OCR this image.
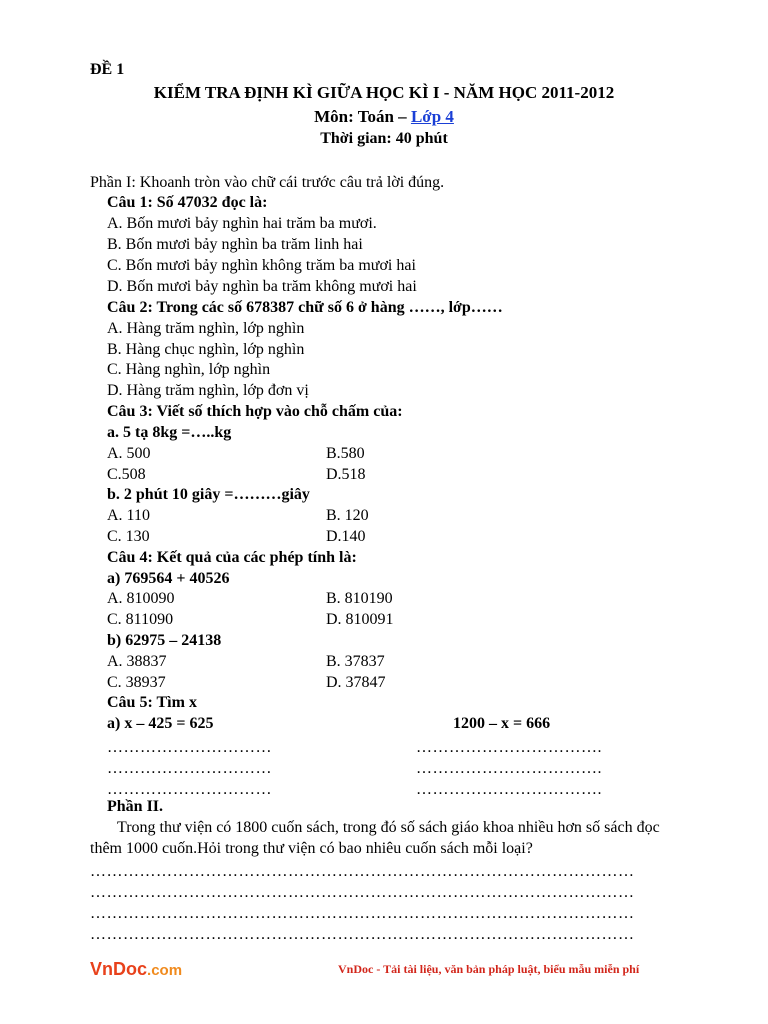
ĐỀ 1
KIỂM TRA ĐỊNH KÌ GIỮA HỌC KÌ I - NĂM HỌC 2011-2012
Môn: Toán – Lớp 4
Thời gian: 40 phút
Phần I: Khoanh tròn vào chữ cái trước câu trả lời đúng.
Câu 1: Số 47032 đọc là:
A. Bốn mươi bảy nghìn hai trăm ba mươi.
B. Bốn mươi bảy nghìn ba trăm linh hai
C. Bốn mươi bảy nghìn không trăm ba mươi hai
D. Bốn mươi bảy nghìn ba trăm không mươi hai
Câu 2: Trong các số 678387 chữ số 6 ở hàng ……, lớp……
A. Hàng trăm nghìn, lớp nghìn
B. Hàng chục nghìn, lớp nghìn
C. Hàng nghìn, lớp nghìn
D. Hàng trăm nghìn, lớp đơn vị
Câu 3: Viết số thích hợp vào chỗ chấm của:
a. 5 tạ 8kg =…..kg
A. 500	B.580
C.508	D.518
b. 2 phút 10 giây =………giây
A. 110	B. 120
C. 130	D.140
Câu 4: Kết quả của các phép tính là:
a) 769564 + 40526
A. 810090	B. 810190
C. 811090	D. 810091
b) 62975 – 24138
A. 38837	B. 37837
C. 38937	D. 37847
Câu 5: Tìm x
a) x – 425 = 625	1200 – x = 666
…………………………	…………………………….
…………………………	…………………………….
…………………………	…………………………….
Phần II.
Trong thư viện có 1800 cuốn sách, trong đó số sách giáo khoa nhiều hơn số sách đọc
thêm 1000 cuốn.Hỏi trong thư viện có bao nhiêu cuốn sách mỗi loại?
………………………………………………………………………………………
………………………………………………………………………………………
………………………………………………………………………………………
………………………………………………………………………………………
VnDoc.com	VnDoc - Tải tài liệu, văn bản pháp luật, biểu mẫu miễn phí
